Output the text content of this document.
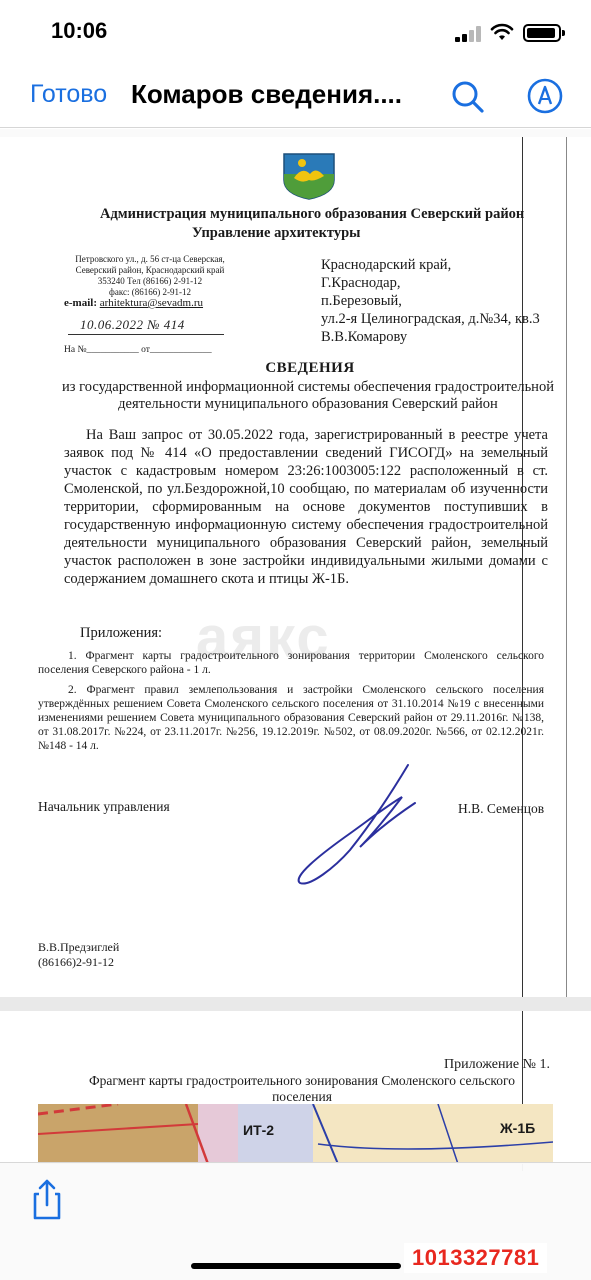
10:06
Готово Комаров сведения....
Администрация муниципального образования Северский район
Управление архитектуры
Петровского ул., д. 56 ст-ца Северская,
Северский район, Краснодарский край
353240 Тел (86166) 2-91-12
факс: (86166) 2-91-12
e-mail: arhitektura@sevadm.ru
10.06.2022 № 414
На №___________ от_____________
Краснодарский край,
Г.Краснодар,
п.Березовый,
ул.2-я Целиноградская, д.№34, кв.3
В.В.Комарову
СВЕДЕНИЯ
из государственной информационной системы обеспечения градостроительной деятельности муниципального образования Северский район
На Ваш запрос от 30.05.2022 года, зарегистрированный в реестре учета заявок под № 414 «О предоставлении сведений ГИСОГД» на земельный участок с кадастровым номером 23:26:1003005:122 расположенный в ст. Смоленской, по ул.Бездорожной,10 сообщаю, по материалам об изученности территории, сформированным на основе документов поступивших в государственную информационную систему обеспечения градостроительной деятельности муниципального образования Северский район, земельный участок расположен в зоне застройки индивидуальными жилыми домами с содержанием домашнего скота и птицы Ж-1Б.
аякс
Приложения:
1. Фрагмент карты градостроительного зонирования территории Смоленского сельского поселения Северского района - 1 л.
2. Фрагмент правил землепользования и застройки Смоленского сельского поселения утверждённых решением Совета Смоленского сельского поселения от 31.10.2014 №19 с внесенными изменениями решением Совета муниципального образования Северский район от 29.11.2016г. №138, от 31.08.2017г. №224, от 23.11.2017г. №256, 19.12.2019г. №502, от 08.09.2020г. №566, от 02.12.2021г. №148 - 14 л.
Начальник управления	Н.В. Семенцов
В.В.Предзиглей
(86166)2-91-12
Приложение № 1.
Фрагмент карты градостроительного зонирования Смоленского сельского поселения
ИТ-2	Ж-1Б
1013327781
